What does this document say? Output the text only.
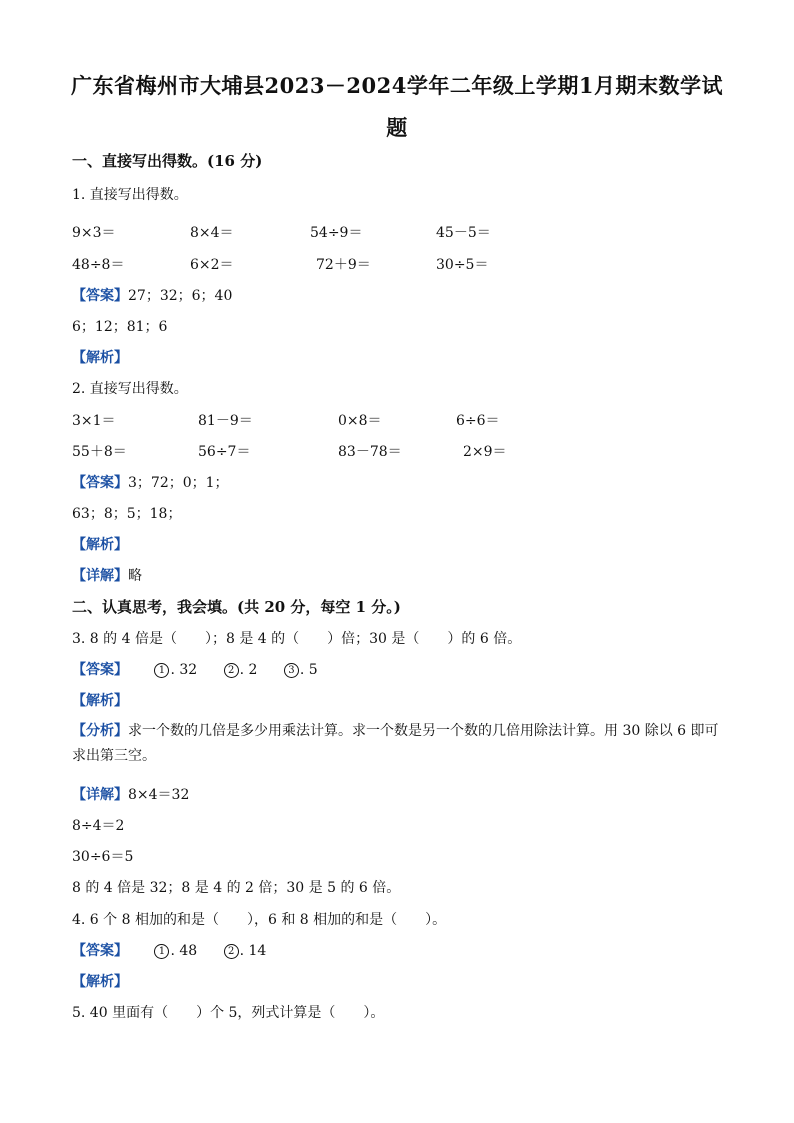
广东省梅州市大埔县2023－2024学年二年级上学期1月期末数学试
题
一、直接写出得数。(16 分)
1. 直接写出得数。
9×3＝	8×4＝	54÷9＝	45－5＝
48÷8＝	6×2＝	72＋9＝	30÷5＝
【答案】27；32；6；40
6；12；81；6
【解析】
2. 直接写出得数。
3×1＝	81－9＝	0×8＝	6÷6＝
55＋8＝	56÷7＝	83－78＝	2×9＝
【答案】3；72；0；1；
63；8；5；18；
【解析】
【详解】略
二、认真思考，我会填。(共 20 分，每空 1 分。)
3. 8 的 4 倍是（　　）；8 是 4 的（　　）倍；30 是（　　）的 6 倍。
【答案】	1 . 32	2 . 2	3 . 5
【解析】
【分析】求一个数的几倍是多少用乘法计算。求一个数是另一个数的几倍用除法计算。用 30 除以 6 即可求出第三空。
【详解】8×4＝32
8÷4＝2
30÷6＝5
8 的 4 倍是 32；8 是 4 的 2 倍；30 是 5 的 6 倍。
4. 6 个 8 相加的和是（　　），6 和 8 相加的和是（　　）。
【答案】	1 . 48	2 . 14
【解析】
5. 40 里面有（　　）个 5，列式计算是（　　）。
